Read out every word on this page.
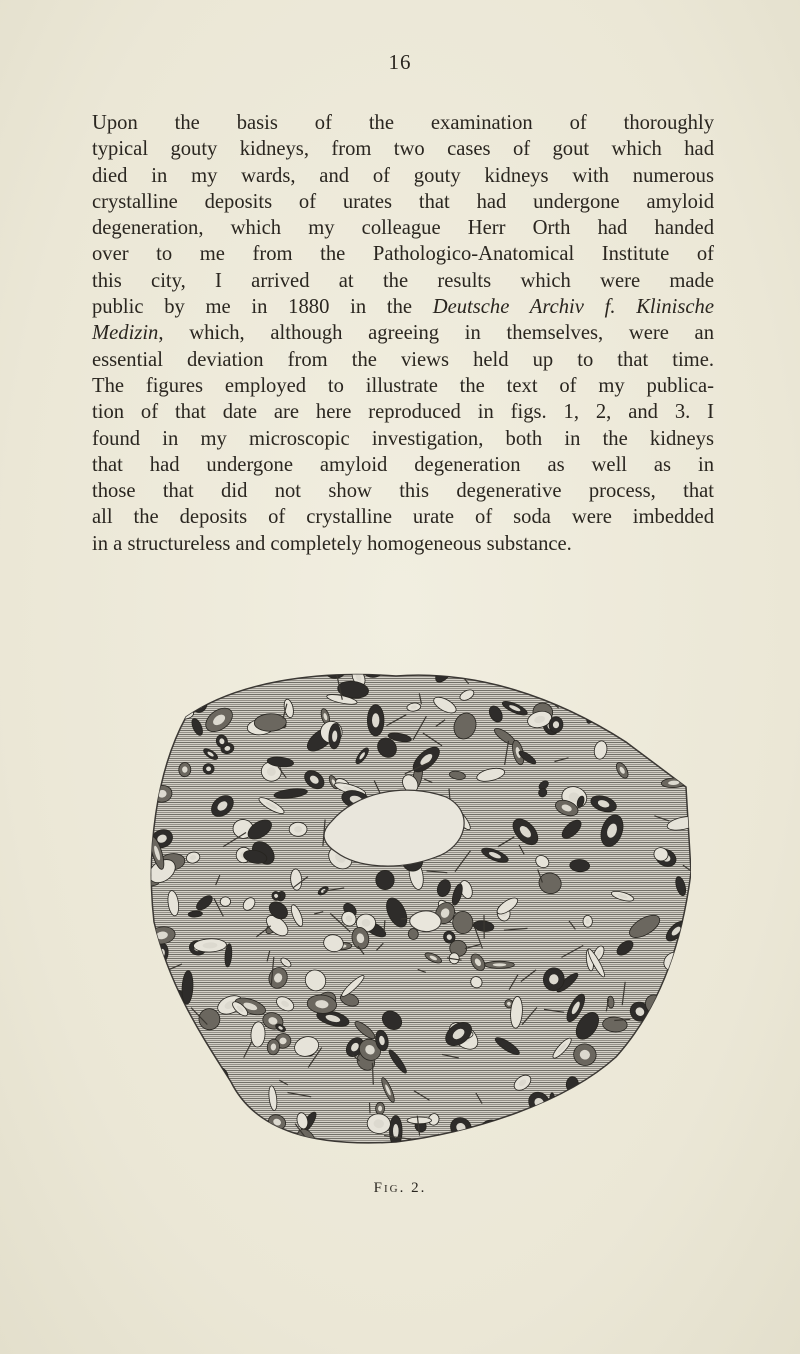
16
Upon the basis of the examination of thoroughly
typical gouty kidneys, from two cases of gout which had
died in my wards, and of gouty kidneys with numerous
crystalline deposits of urates that had undergone amyloid
degeneration, which my colleague Herr Orth had handed
over to me from the Pathologico-Anatomical Institute of
this city, I arrived at the results which were made
public by me in 1880 in the Deutsche Archiv f. Klinische
Medizin, which, although agreeing in themselves, were an
essential deviation from the views held up to that time.
The figures employed to illustrate the text of my publica-
tion of that date are here reproduced in figs. 1, 2, and 3. I
found in my microscopic investigation, both in the kidneys
that had undergone amyloid degeneration as well as in
those that did not show this degenerative process, that
all the deposits of crystalline urate of soda were imbedded
in a structureless and completely homogeneous substance.
Fig. 2.
